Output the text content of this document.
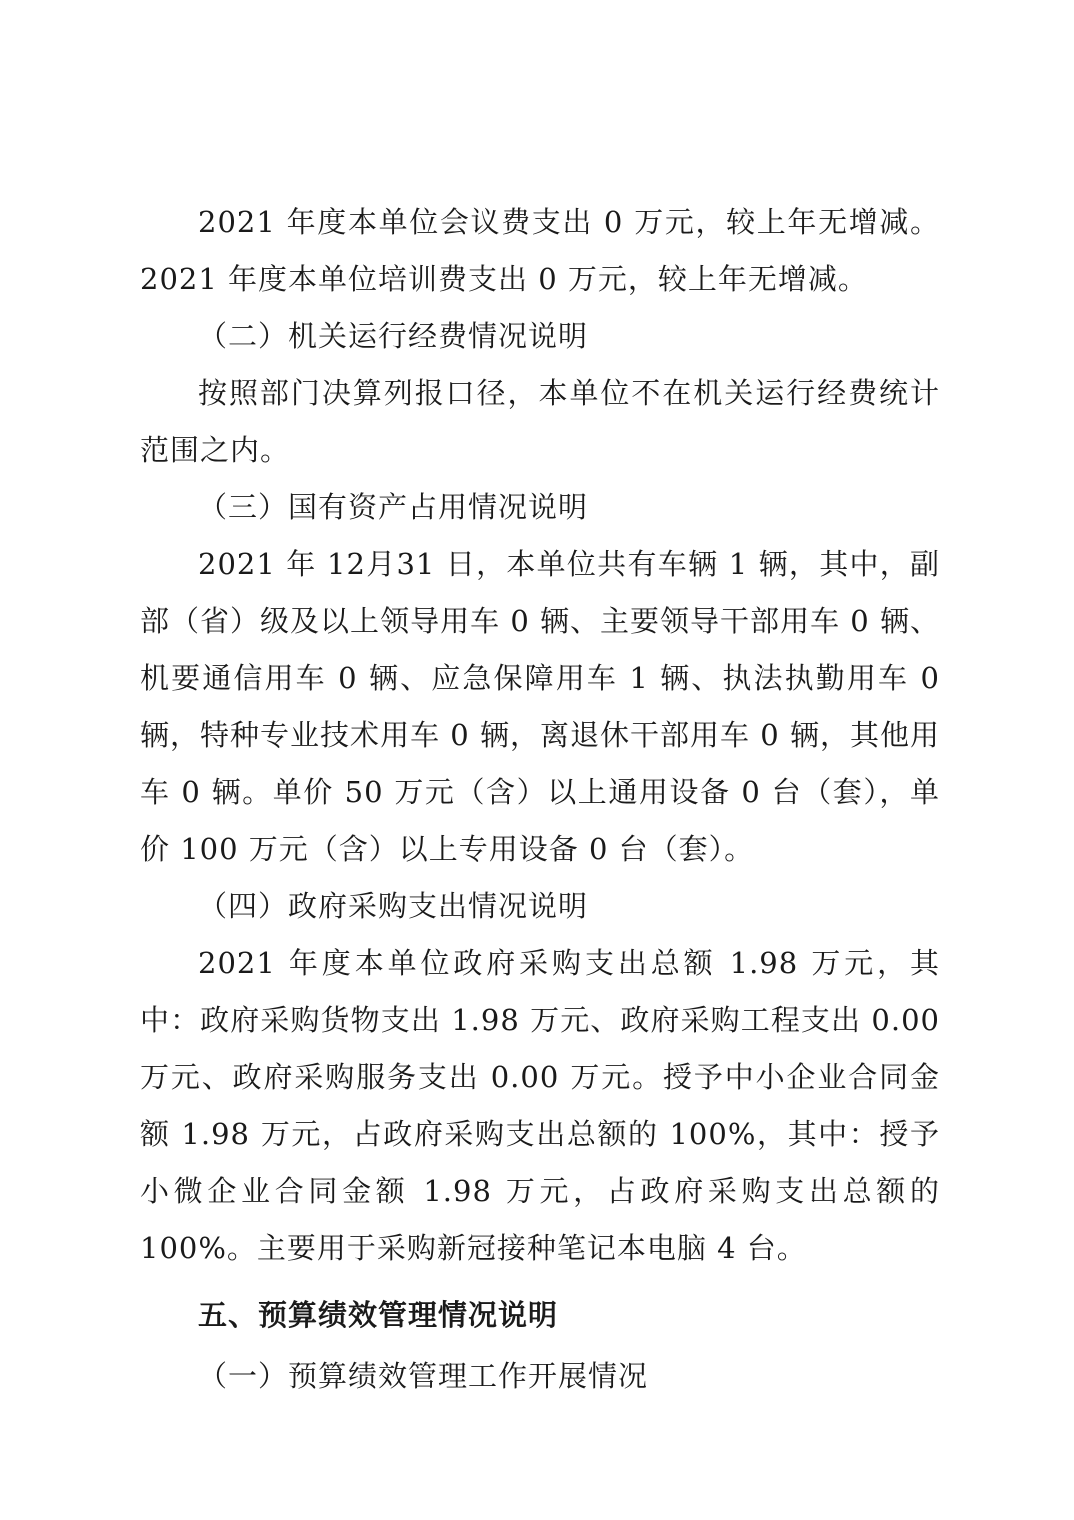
2021 年度本单位会议费支出 0 万元，较上年无增减。2021 年度本单位培训费支出 0 万元，较上年无增减。

（二）机关运行经费情况说明

按照部门决算列报口径，本单位不在机关运行经费统计范围之内。

（三）国有资产占用情况说明

2021 年 12月31 日，本单位共有车辆 1 辆，其中，副部（省）级及以上领导用车 0 辆、主要领导干部用车 0 辆、机要通信用车 0 辆、应急保障用车 1 辆、执法执勤用车 0 辆，特种专业技术用车 0 辆，离退休干部用车 0 辆，其他用车 0 辆。单价 50 万元（含）以上通用设备 0 台（套），单价 100 万元（含）以上专用设备 0 台（套）。

（四）政府采购支出情况说明

2021 年度本单位政府采购支出总额 1.98 万元，其中：政府采购货物支出 1.98 万元、政府采购工程支出 0.00 万元、政府采购服务支出 0.00 万元。授予中小企业合同金额 1.98 万元，占政府采购支出总额的 100%，其中：授予小微企业合同金额 1.98 万元，占政府采购支出总额的 100%。主要用于采购新冠接种笔记本电脑 4 台。

五、预算绩效管理情况说明

（一）预算绩效管理工作开展情况
